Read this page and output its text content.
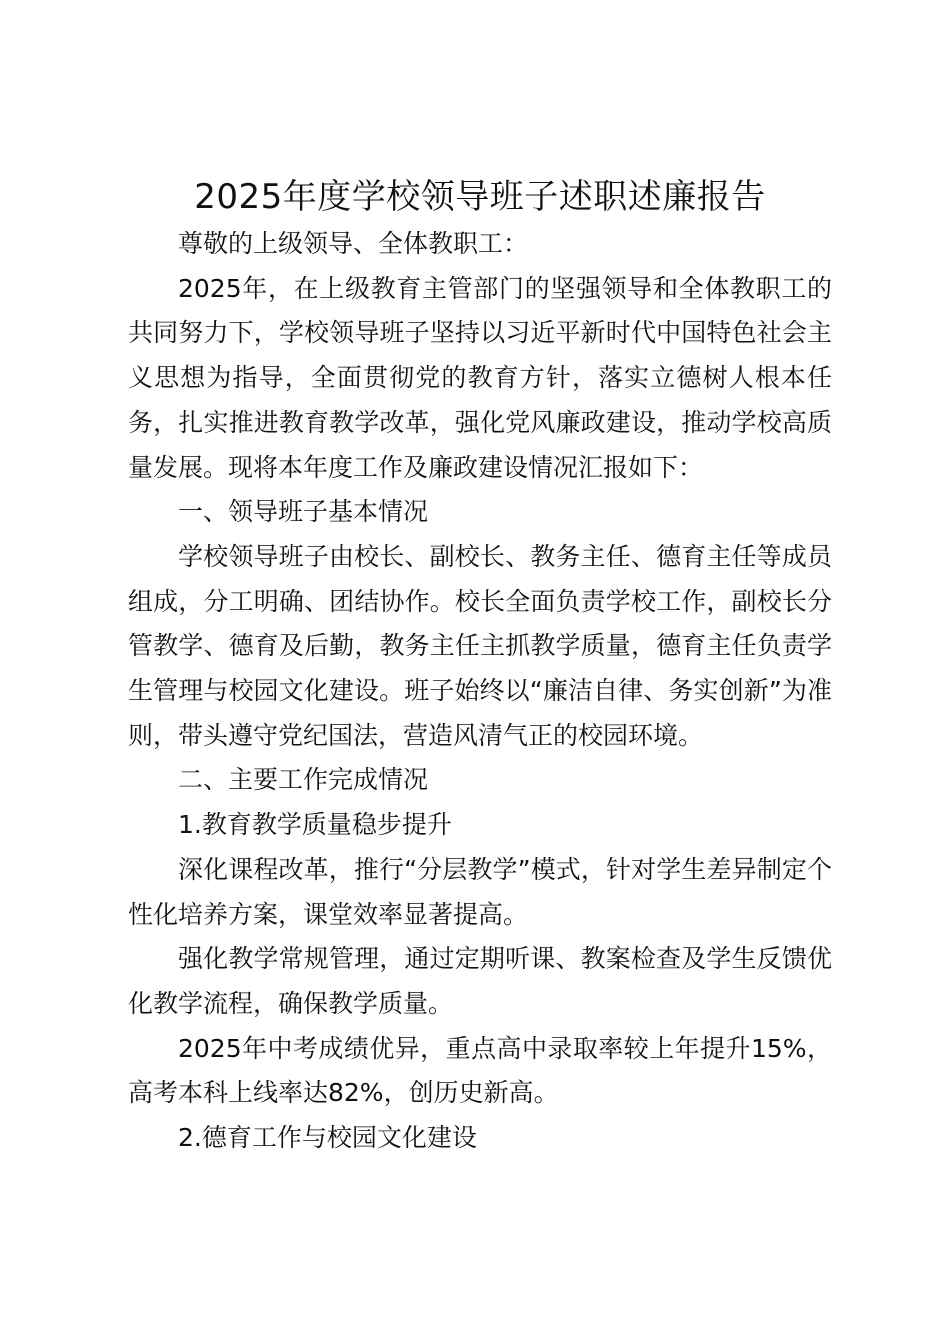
2025年度学校领导班子述职述廉报告

尊敬的上级领导、全体教职工：

2025年，在上级教育主管部门的坚强领导和全体教职工的共同努力下，学校领导班子坚持以习近平新时代中国特色社会主义思想为指导，全面贯彻党的教育方针，落实立德树人根本任务，扎实推进教育教学改革，强化党风廉政建设，推动学校高质量发展。现将本年度工作及廉政建设情况汇报如下：

一、领导班子基本情况

学校领导班子由校长、副校长、教务主任、德育主任等成员组成，分工明确、团结协作。校长全面负责学校工作，副校长分管教学、德育及后勤，教务主任主抓教学质量，德育主任负责学生管理与校园文化建设。班子始终以“廉洁自律、务实创新”为准则，带头遵守党纪国法，营造风清气正的校园环境。

二、主要工作完成情况

1.教育教学质量稳步提升

深化课程改革，推行“分层教学”模式，针对学生差异制定个性化培养方案，课堂效率显著提高。

强化教学常规管理，通过定期听课、教案检查及学生反馈优化教学流程，确保教学质量。

2025年中考成绩优异，重点高中录取率较上年提升15%，高考本科上线率达82%，创历史新高。

2.德育工作与校园文化建设
